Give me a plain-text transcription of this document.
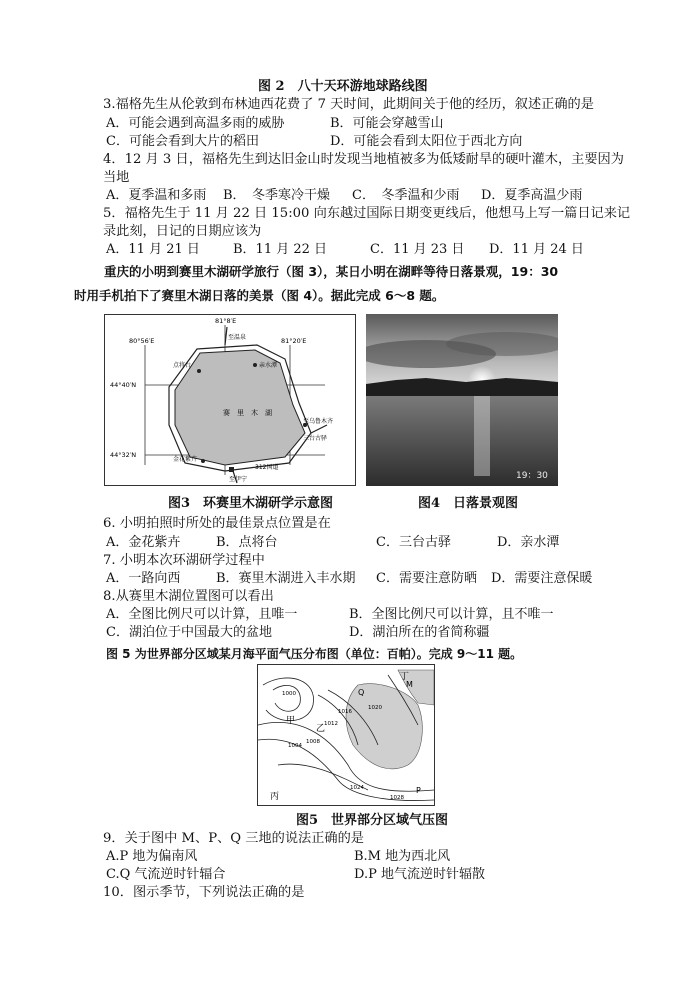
图 2　八十天环游地球路线图
3.福格先生从伦敦到布林迪西花费了 7 天时间，此期间关于他的经历，叙述正确的是
A．可能会遇到高温多雨的威胁	B．可能会穿越雪山
C．可能会看到大片的稻田	D．可能会看到太阳位于西北方向
4．12 月 3 日，福格先生到达旧金山时发现当地植被多为低矮耐旱的硬叶灌木，主要因为
当地
A．夏季温和多雨 B．　冬季寒冷干燥 C．　冬季温和少雨 D．夏季高温少雨
5．福格先生于 11 月 22 日 15:00 向东越过国际日期变更线后，他想马上写一篇日记来记
录此刻，日记的日期应该为
A．11 月 21 日	B．11 月 22 日	C．11 月 23 日 D．11 月 24 日
重庆的小明到赛里木湖研学旅行（图 3），某日小明在湖畔等待日落景观，19：30
时用手机拍下了赛里木湖日落的美景（图 4）。据此完成 6～8 题。
81°8′E
80°56′E	81°20′E
44°40′N
44°32′N
赛　里　木　湖
至温泉
点将台	亲水潭
三台古驿
至乌鲁木齐
金花紫卉
312国道
至伊宁	19：30
图3　环赛里木湖研学示意图	图4　日落景观图
6. 小明拍照时所处的最佳景点位置是在
A．金花紫卉	B．点将台	C．三台古驿	D．亲水潭
7. 小明本次环湖研学过程中
A．一路向西	B．赛里木湖进入丰水期 C．需要注意防晒 D．需要注意保暖
8.从赛里木湖位置图可以看出
A．全图比例尺可以计算，且唯一	B．全图比例尺可以计算，且不唯一
C．湖泊位于中国最大的盆地	D．湖泊所在的省简称疆
图 5 为世界部分区域某月海平面气压分布图（单位：百帕）。完成 9～11 题。
丁
甲
乙
丙
M
P
Q
1000
1008
1004
1012
1016
1020
1024
1028
图5　世界部分区域气压图
9．关于图中 M、P、Q 三地的说法正确的是
A.P 地为偏南风	B.M 地为西北风
C.Q 气流逆时针辐合	D.P 地气流逆时针辐散
10．图示季节，下列说法正确的是
